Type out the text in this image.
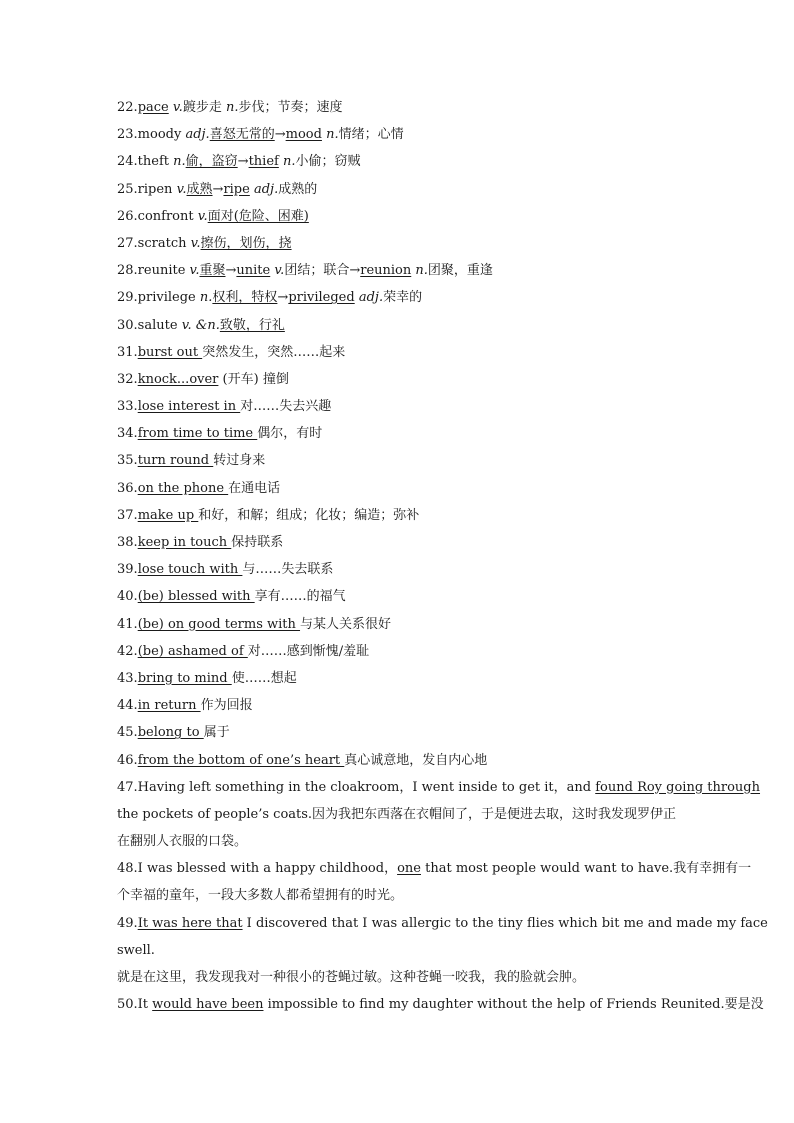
22.pace v.踱步走 n.步伐；节奏；速度
23.moody adj.喜怒无常的→mood n.情绪；心情
24.theft n.偷，盗窃→thief n.小偷；窃贼
25.ripen v.成熟→ripe adj.成熟的
26.confront v.面对(危险、困难)
27.scratch v.擦伤，划伤，挠
28.reunite v.重聚→unite v.团结；联合→reunion n.团聚，重逢
29.privilege n.权利，特权→privileged adj.荣幸的
30.salute v. &n.致敬，行礼
31.burst out 突然发生，突然……起来
32.knock...over (开车) 撞倒
33.lose interest in 对……失去兴趣
34.from time to time 偶尔，有时
35.turn round 转过身来
36.on the phone 在通电话
37.make up 和好，和解；组成；化妆；编造；弥补
38.keep in touch 保持联系
39.lose touch with 与……失去联系
40.(be) blessed with 享有……的福气
41.(be) on good terms with 与某人关系很好
42.(be) ashamed of 对……感到惭愧/羞耻
43.bring to mind 使……想起
44.in return 作为回报
45.belong to 属于
46.from the bottom of one’s heart 真心诚意地，发自内心地
47.Having left something in the cloakroom，I went inside to get it，and found Roy going through
the pockets of people’s coats.因为我把东西落在衣帽间了，于是便进去取，这时我发现罗伊正
在翻别人衣服的口袋。
48.I was blessed with a happy childhood，one that most people would want to have.我有幸拥有一
个幸福的童年，一段大多数人都希望拥有的时光。
49.It was here that I discovered that I was allergic to the tiny flies which bit me and made my face
swell.
就是在这里，我发现我对一种很小的苍蝇过敏。这种苍蝇一咬我，我的脸就会肿。
50.It would have been impossible to find my daughter without the help of Friends Reunited.要是没
